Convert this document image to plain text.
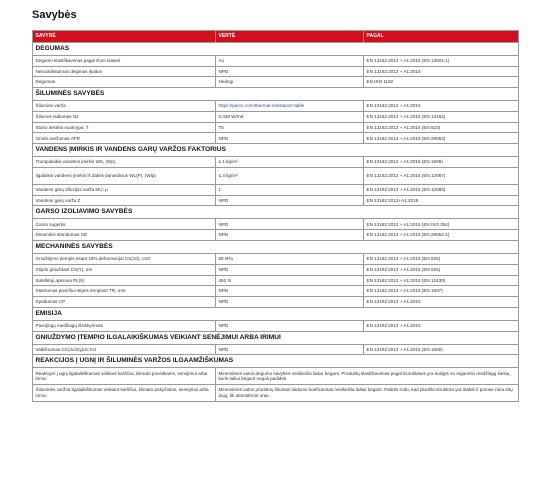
Savybės
SAVYBĖ	VERTĖ	PAGAL
DEGUMAS		
Degumo klasifikavimas pagal Euro klases	A1	EN 13162:2012 + A1:2015 (EN 13501-1)
Nenutrūkstamas degimas įkaitus	NPD	EN 13162:2012 + A1:2015
Degumas	Nedegi	EN ISO 1182
ŠILUMINĖS SAVYBĖS		
Šiluminė varža	https://paroc.com/thermal-resistance-table	EN 13162:2012 + A1:2015
Šilumos laidumas λD	0,038 W/mK	EN 13162:2012 + A1:2015 (EN 13162)
Storio leistina nuokrypa, T	T5	EN 13162:2012 + A1:2015 (EN 823)
Oninis varžumas AFR	NPD	EN 13162:2012 + A1:2015 (EN 29053)
VANDENS ĮMIRKIS IR VANDENS GARŲ VARŽOS FAKTORIUS		
Trumpalaikis vandens įmirkis WS, (Wp)	≤ 1 kg/m²	EN 13162:2012 + A1:2015 (EN 1609)
Ilgalaikis vandens įmirkis iš dalies panardinus WL(P), (Wlp)	≤ 3 kg/m²	EN 13162:2012 + A1:2015 (EN 12087)
Vandens garų difuzijos varža MU; μ	1	EN 13162:2012 + A1:2015 (EN 12086)
Vandens garų varža Z	NPD	EN 13162:2012+A1:2015
GARSO IZOLIAVIMO SAVYBĖS		
Garso sugertis	NPD	EN 13162:2012 + A1:2015 (EN ISO 354)
Dinaminis standumas SD	NPD	EN 13162:2012 + A1:2015 (EN 29052-1)
MECHANINĖS SAVYBĖS		
Gniuždymo įtempis esant 10% deformacijai CS(10), σ10	50 kPa	EN 13162:2012 + A1:2015 (EN 826)
Stipris gniuždant CS(Y), σm	NPD	EN 13162:2012 + A1:2015 (EN 826)
Sutelktoji apkrova PL(5)	450 N	EN 13162:2012 + A1:2015 (EN 12430)
Statmenas paviršiui stipris tempiant TR, σmt	NPD	EN 13162:2012 + A1:2015 (EN 1607)
Spūdumas CP	NPD	EN 13162:2012 + A1:2015
EMISIJA		
Pavojingų medžiagų išsiskyrimas	NPD	EN 13162:2012 + A1:2015
GNIUŽDYMO ĮTEMPIO ILGALAIKIŠKUMAS VEIKIANT SENĖJIMUI ARBA IRIMUI		
Valkšnumas CC(i1/i2/y)σc;Xct	NPD	EN 13162:2012 + A1:2015 (EN 1606)
REAKCIJOS Į UGNĮ IR ŠILUMINĖS VARŽOS ILGAAMŽIŠKUMAS		
Reakcijos į ugnį ilgalaikiškumas veikiant karščiui, klimato poveikiams, senėjimui arba irimui	Mineralinės vatos degumo savybės nesikeičia laikui bėgant. Produktų klasifikavimas pagal Euroklases yra susijęs su organiniu medžiagų kiekiu, kuris laikui bėgant negali padidėti.	
Šiluminės varžos ilgalaikiškumas veikiant karščiui, klimato pokyčiams, senėjimui arba irimui	Mineralinės vatos produktų šilumos laidumo koeficientas nesikeičia laikui bėgant. Patirtis rodo, kad pluošto struktūra yra stabili ir porose nėra kitų dujų, tik atmosferos oras.	
